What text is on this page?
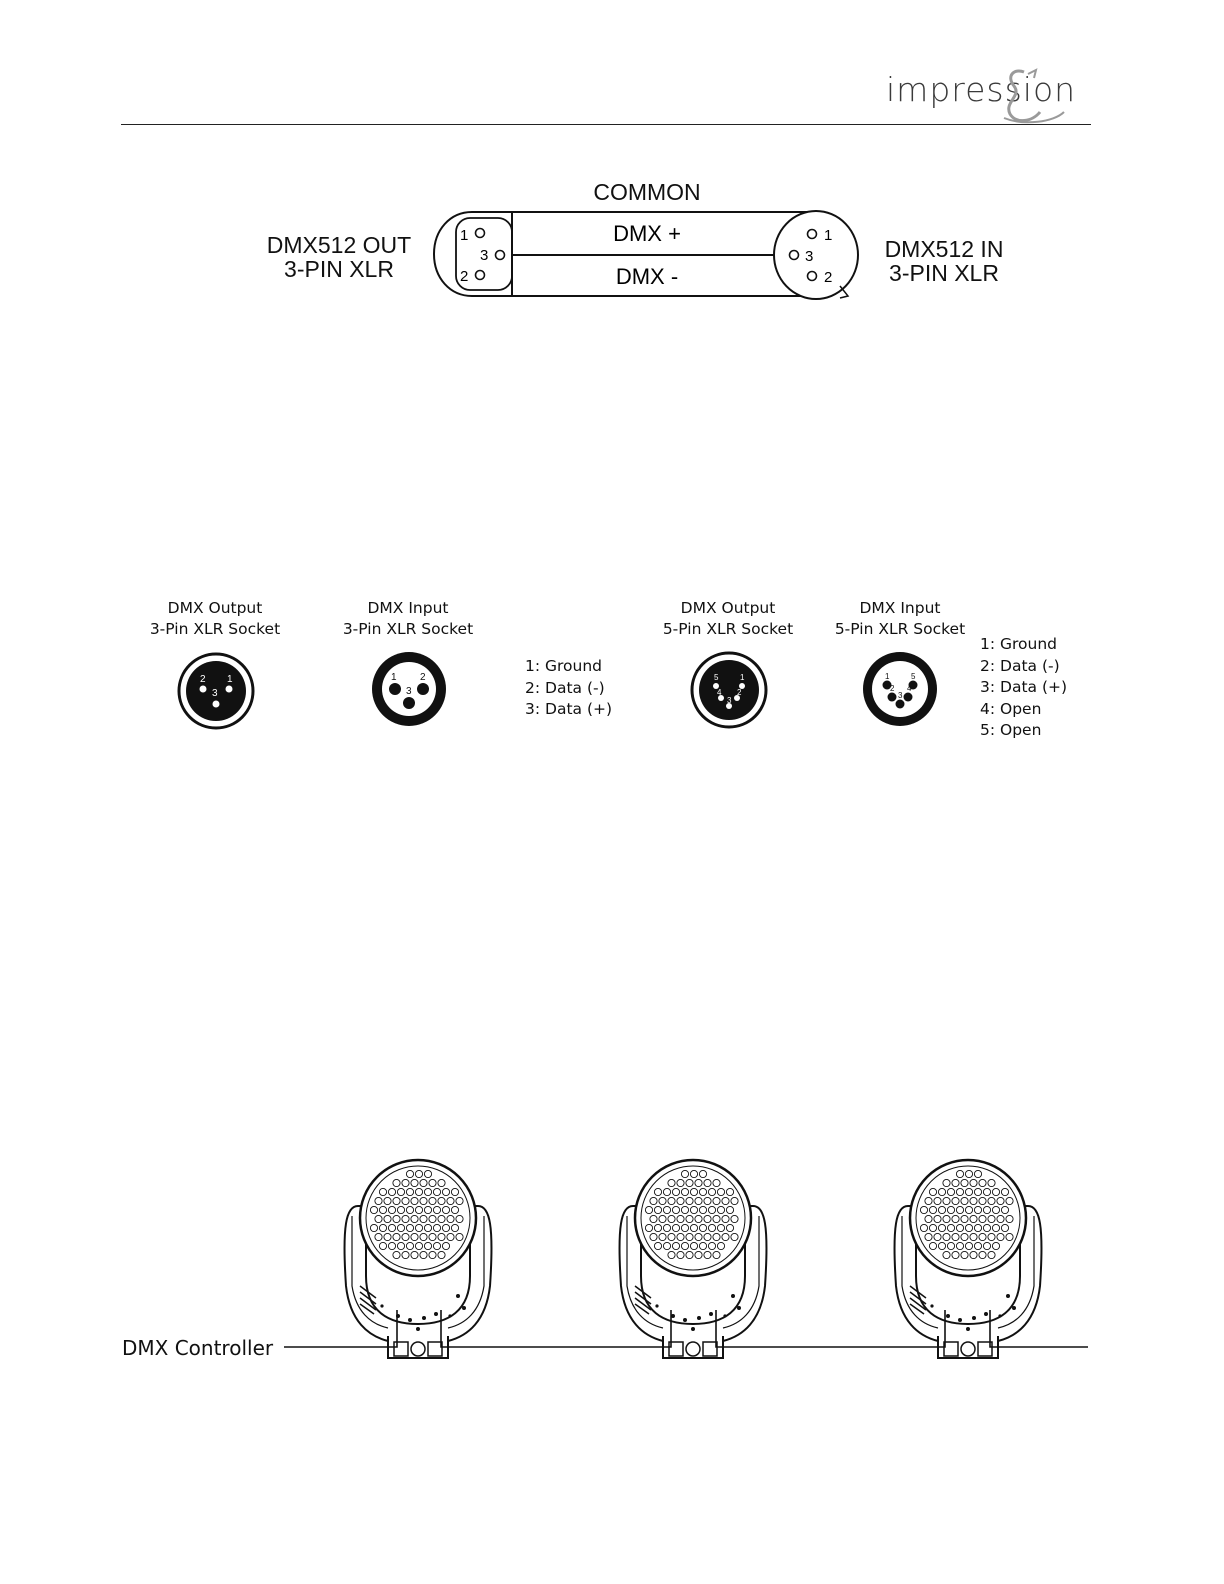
impression
COMMON
DMX512 OUT
3-PIN XLR
DMX512 IN
3-PIN XLR
1
3
2
1
3
2
DMX +
DMX -
DMX Output
3-Pin XLR Socket
DMX Input
3-Pin XLR Socket
DMX Output
5-Pin XLR Socket
DMX Input
5-Pin XLR Socket
2 1
3
1 2
3
1: Ground
2: Data (-)
3: Data (+)
5	1
4 2
3
1	5
2 4
3
1: Ground
2: Data (-)
3: Data (+)
4: Open
5: Open
DMX Controller
